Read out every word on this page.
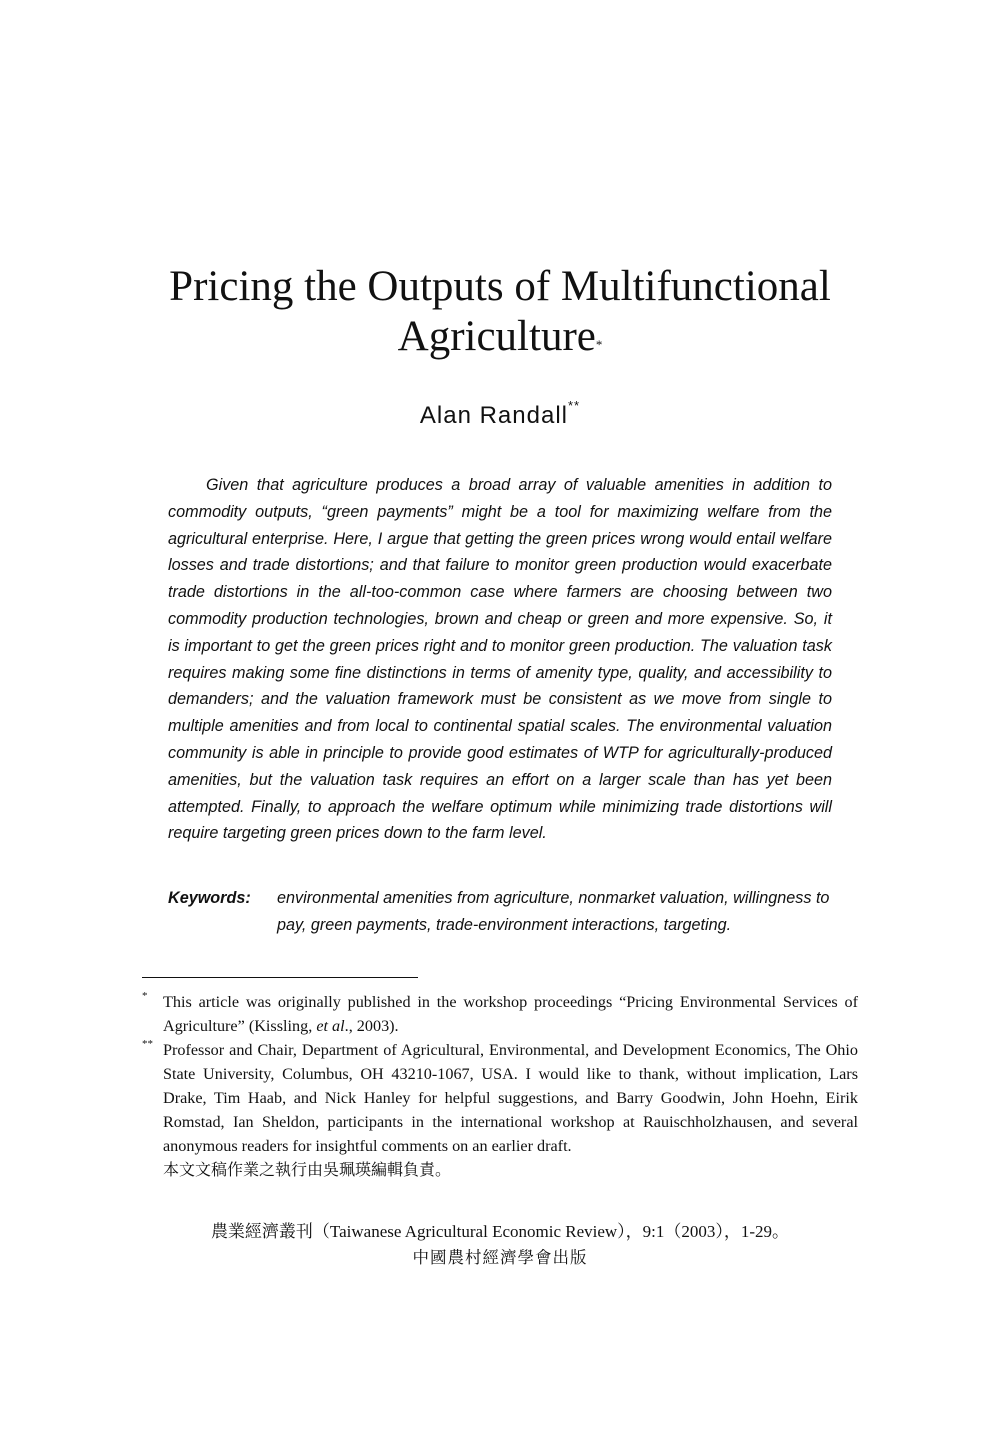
Pricing the Outputs of Multifunctional
Agriculture*
Alan Randall**

Given that agriculture produces a broad array of valuable amenities in addition to commodity outputs, “green payments” might be a tool for maximizing welfare from the agricultural enterprise. Here, I argue that getting the green prices wrong would entail welfare losses and trade distortions; and that failure to monitor green production would exacerbate trade distortions in the all-too-common case where farmers are choosing between two commodity production technologies, brown and cheap or green and more expensive. So, it is important to get the green prices right and to monitor green production. The valuation task requires making some fine distinctions in terms of amenity type, quality, and accessibility to demanders; and the valuation framework must be consistent as we move from single to multiple amenities and from local to continental spatial scales. The environmental valuation community is able in principle to provide good estimates of WTP for agriculturally-produced amenities, but the valuation task requires an effort on a larger scale than has yet been attempted. Finally, to approach the welfare optimum while minimizing trade distortions will require targeting green prices down to the farm level.

Keywords: environmental amenities from agriculture, nonmarket valuation, willingness to pay, green payments, trade-environment interactions, targeting.
* This article was originally published in the workshop proceedings “Pricing Environmental Services of Agriculture” (Kissling, et al., 2003).
** Professor and Chair, Department of Agricultural, Environmental, and Development Economics, The Ohio State University, Columbus, OH 43210-1067, USA. I would like to thank, without implication, Lars Drake, Tim Haab, and Nick Hanley for helpful suggestions, and Barry Goodwin, John Hoehn, Eirik Romstad, Ian Sheldon, participants in the international workshop at Rauischholzhausen, and several anonymous readers for insightful comments on an earlier draft.
本文文稿作業之執行由吳珮瑛編輯負責。
農業經濟叢刊（Taiwanese Agricultural Economic Review），9:1（2003），1-29。
中國農村經濟學會出版
